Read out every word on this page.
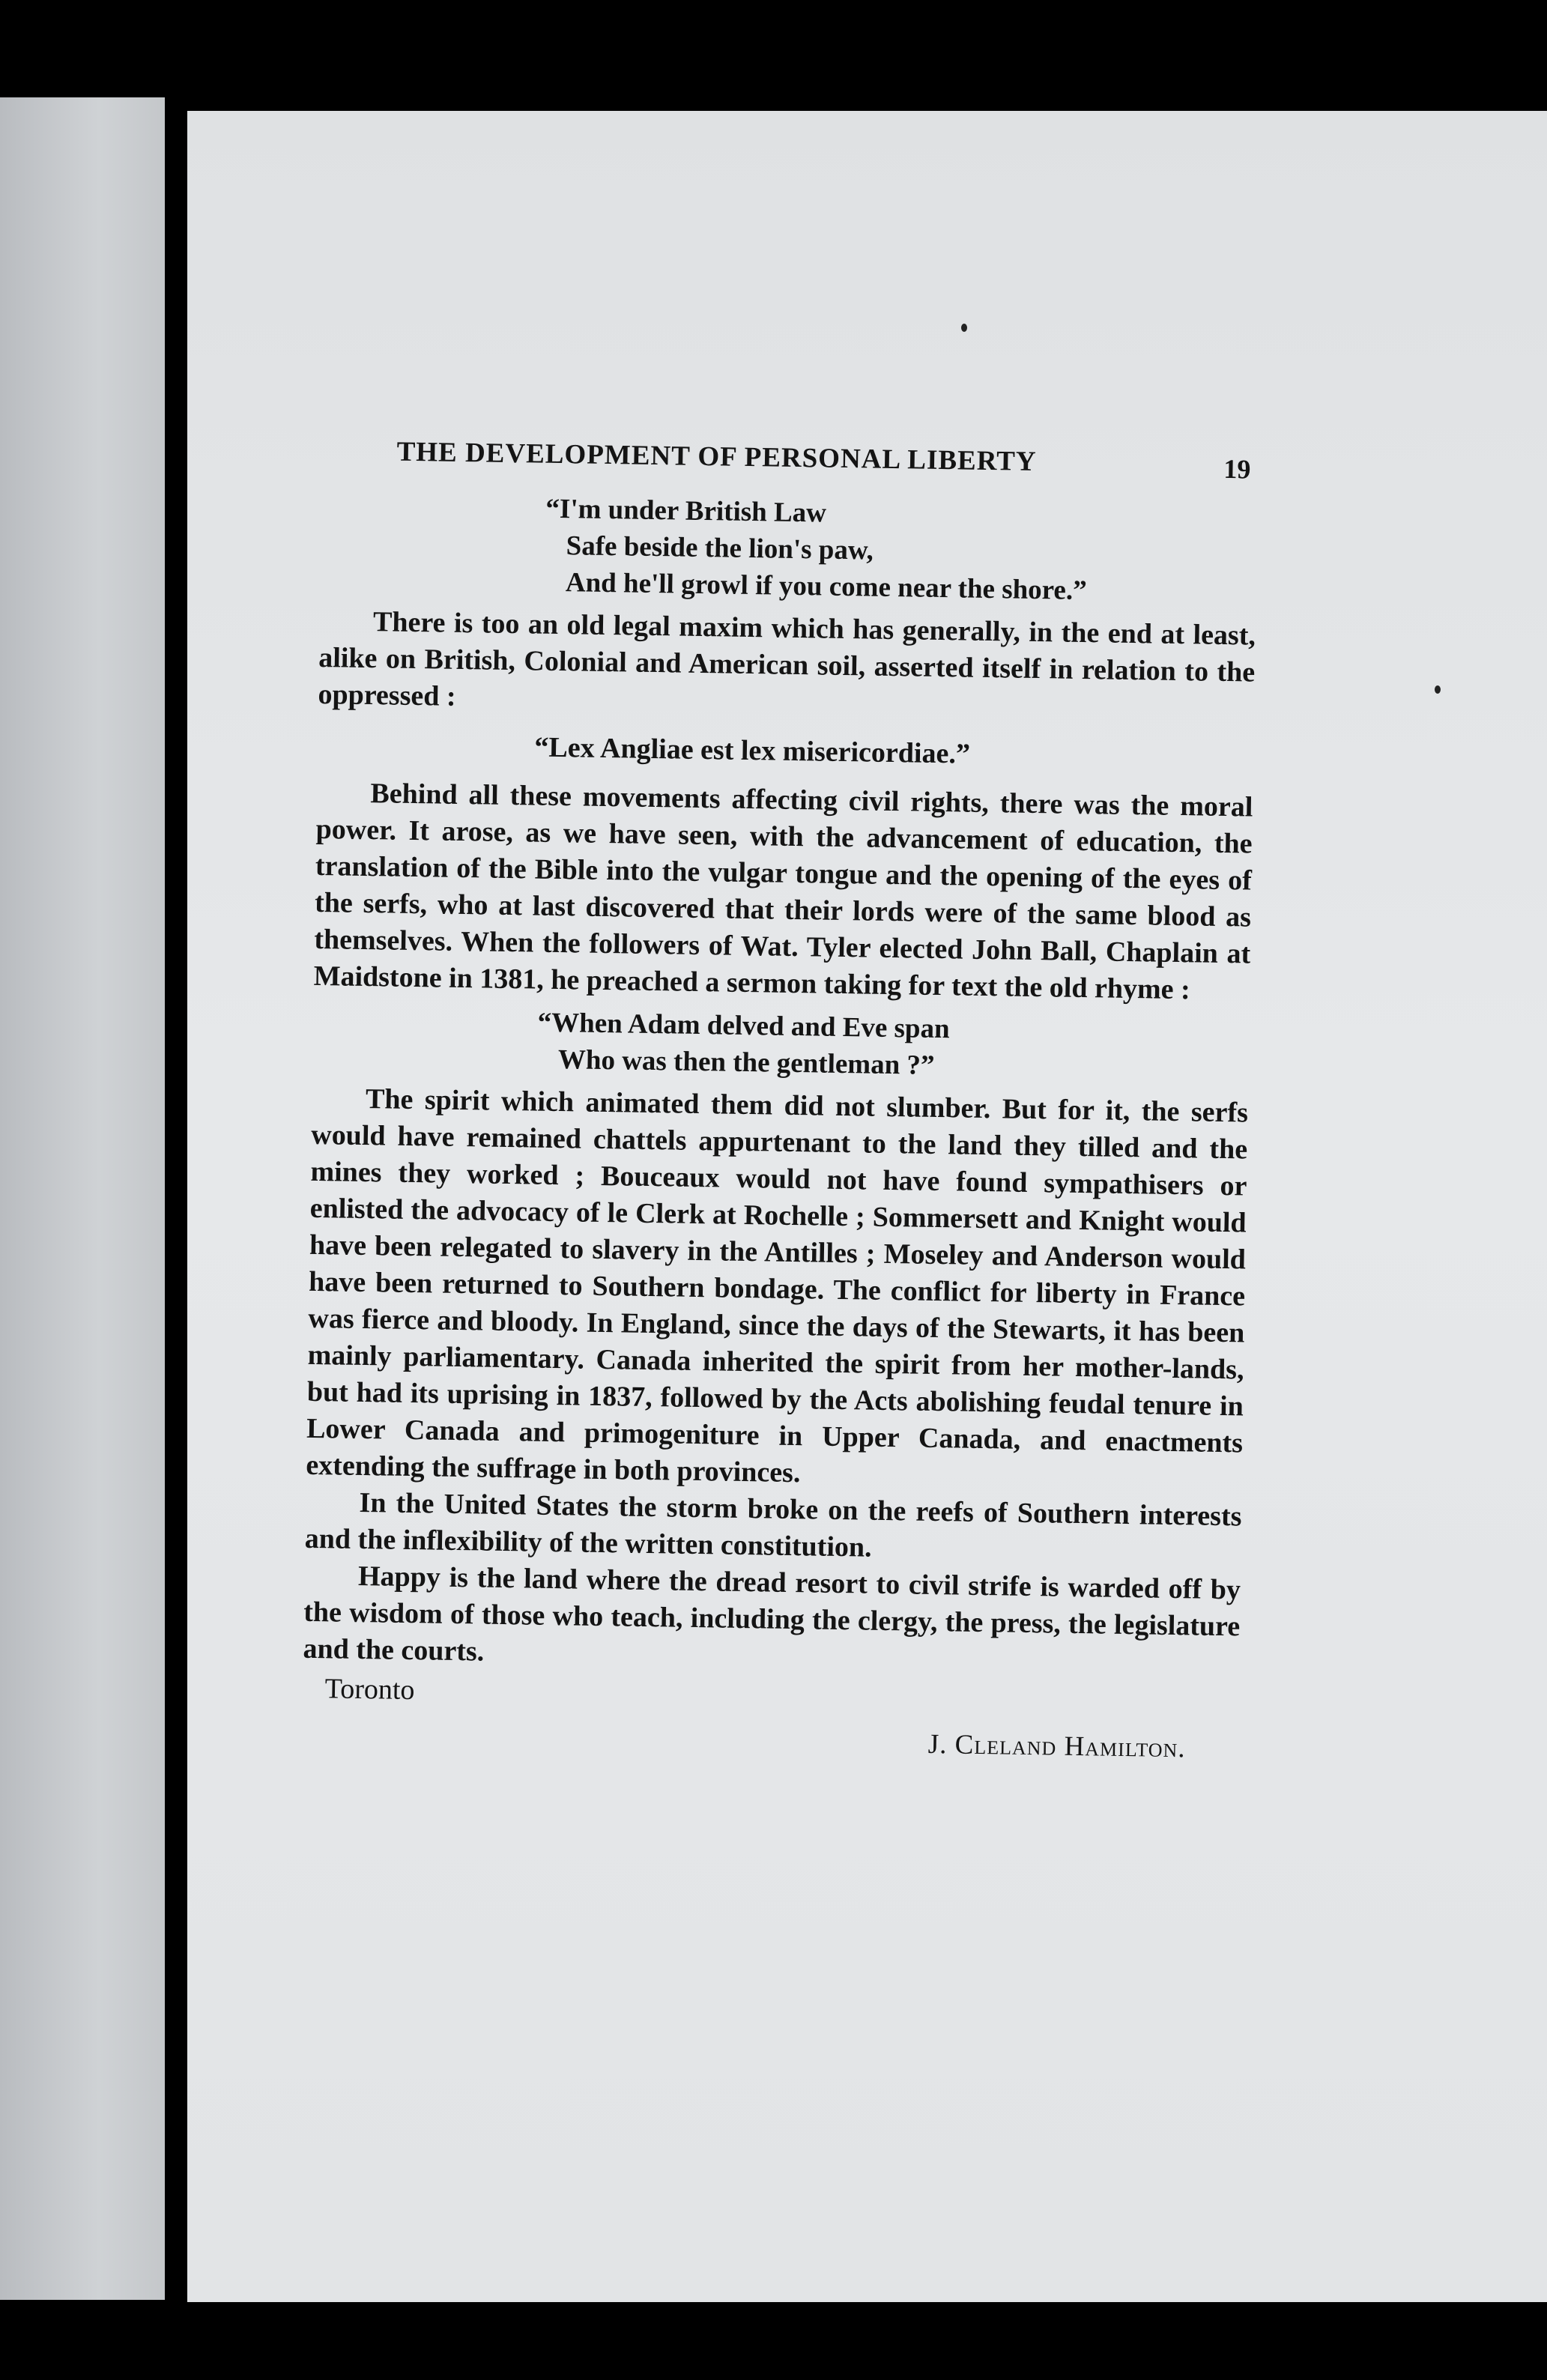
THE DEVELOPMENT OF PERSONAL LIBERTY	19
“I'm under British Law
Safe beside the lion's paw,
And he'll growl if you come near the shore.”

There is too an old legal maxim which has generally, in the end at least, alike on British, Colonial and American soil, asserted itself in relation to the oppressed :

“Lex Angliae est lex misericordiae.”

Behind all these movements affecting civil rights, there was the moral power. It arose, as we have seen, with the advancement of education, the translation of the Bible into the vulgar tongue and the opening of the eyes of the serfs, who at last discovered that their lords were of the same blood as themselves. When the followers of Wat. Tyler elected John Ball, Chaplain at Maidstone in 1381, he preached a sermon taking for text the old rhyme :

“When Adam delved and Eve span
Who was then the gentleman ?”

The spirit which animated them did not slumber. But for it, the serfs would have remained chattels appurtenant to the land they tilled and the mines they worked ; Bouceaux would not have found sympathisers or enlisted the advocacy of le Clerk at Rochelle ; Sommersett and Knight would have been relegated to slavery in the Antilles ; Moseley and Anderson would have been returned to Southern bondage. The conflict for liberty in France was fierce and bloody. In England, since the days of the Stewarts, it has been mainly parliamentary. Canada inherited the spirit from her mother-lands, but had its uprising in 1837, followed by the Acts abolishing feudal tenure in Lower Canada and primogeniture in Upper Canada, and enactments extending the suffrage in both provinces.

In the United States the storm broke on the reefs of Southern interests and the inflexibility of the written constitution.

Happy is the land where the dread resort to civil strife is warded off by the wisdom of those who teach, including the clergy, the press, the legislature and the courts.

Toronto
J. Cleland Hamilton.
